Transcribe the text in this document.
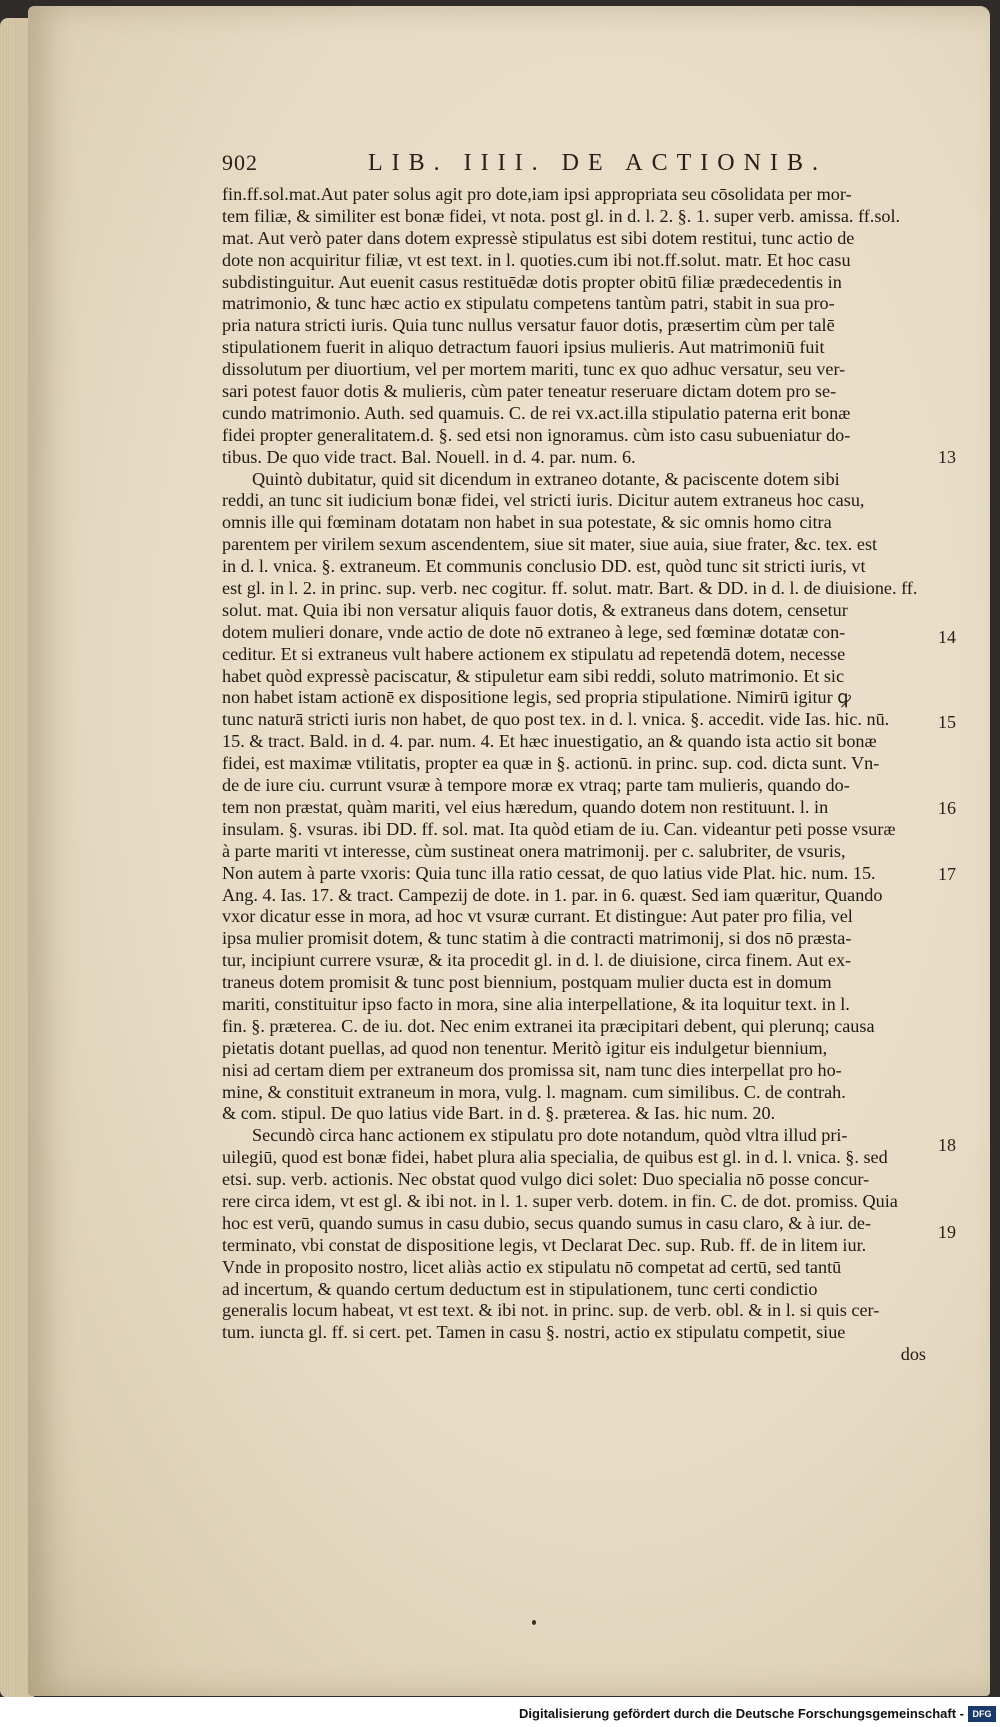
902	LIB. IIII. DE ACTIONIB.
fin.ff.sol.mat.Aut pater solus agit pro dote,iam ipsi appropriata seu cōsolidata per mor-
tem filiæ, & similiter est bonæ fidei, vt nota. post gl. in d. l. 2. §. 1. super verb. amissa. ff.sol.
mat. Aut verò pater dans dotem expressè stipulatus est sibi dotem restitui, tunc actio de
dote non acquiritur filiæ, vt est text. in l. quoties.cum ibi not.ff.solut. matr. Et hoc casu
subdistinguitur. Aut euenit casus restituēdæ dotis propter obitū filiæ prædecedentis in
matrimonio, & tunc hæc actio ex stipulatu competens tantùm patri, stabit in sua pro-
pria natura stricti iuris. Quia tunc nullus versatur fauor dotis, præsertim cùm per talē
stipulationem fuerit in aliquo detractum fauori ipsius mulieris. Aut matrimoniū fuit
dissolutum per diuortium, vel per mortem mariti, tunc ex quo adhuc versatur, seu ver-
sari potest fauor dotis & mulieris, cùm pater teneatur reseruare dictam dotem pro se-
cundo matrimonio. Auth. sed quamuis. C. de rei vx.act.illa stipulatio paterna erit bonæ
fidei propter generalitatem.d. §. sed etsi non ignoramus. cùm isto casu subueniatur do-
tibus. De quo vide tract. Bal. Nouell. in d. 4. par. num. 6.
Quintò dubitatur, quid sit dicendum in extraneo dotante, & paciscente dotem sibi
reddi, an tunc sit iudicium bonæ fidei, vel stricti iuris. Dicitur autem extraneus hoc casu,
omnis ille qui fœminam dotatam non habet in sua potestate, & sic omnis homo citra
parentem per virilem sexum ascendentem, siue sit mater, siue auia, siue frater, &c. tex. est
in d. l. vnica. §. extraneum. Et communis conclusio DD. est, quòd tunc sit stricti iuris, vt
est gl. in l. 2. in princ. sup. verb. nec cogitur. ff. solut. matr. Bart. & DD. in d. l. de diuisione. ff.
solut. mat. Quia ibi non versatur aliquis fauor dotis, & extraneus dans dotem, censetur
dotem mulieri donare, vnde actio de dote nō extraneo à lege, sed fœminæ dotatæ con-
ceditur. Et si extraneus vult habere actionem ex stipulatu ad repetendā dotem, necesse
habet quòd expressè paciscatur, & stipuletur eam sibi reddi, soluto matrimonio. Et sic
non habet istam actionē ex dispositione legis, sed propria stipulatione. Nimirū igitur ꝙ
tunc naturā stricti iuris non habet, de quo post tex. in d. l. vnica. §. accedit. vide Ias. hic. nū.
15. & tract. Bald. in d. 4. par. num. 4. Et hæc inuestigatio, an & quando ista actio sit bonæ
fidei, est maximæ vtilitatis, propter ea quæ in §. actionū. in princ. sup. cod. dicta sunt. Vn-
de de iure ciu. currunt vsuræ à tempore moræ ex vtraq; parte tam mulieris, quando do-
tem non præstat, quàm mariti, vel eius hæredum, quando dotem non restituunt. l. in
insulam. §. vsuras. ibi DD. ff. sol. mat. Ita quòd etiam de iu. Can. videantur peti posse vsuræ
à parte mariti vt interesse, cùm sustineat onera matrimonij. per c. salubriter, de vsuris,
Non autem à parte vxoris: Quia tunc illa ratio cessat, de quo latius vide Plat. hic. num. 15.
Ang. 4. Ias. 17. & tract. Campezij de dote. in 1. par. in 6. quæst. Sed iam quæritur, Quando
vxor dicatur esse in mora, ad hoc vt vsuræ currant. Et distingue: Aut pater pro filia, vel
ipsa mulier promisit dotem, & tunc statim à die contracti matrimonij, si dos nō præsta-
tur, incipiunt currere vsuræ, & ita procedit gl. in d. l. de diuisione, circa finem. Aut ex-
traneus dotem promisit & tunc post biennium, postquam mulier ducta est in domum
mariti, constituitur ipso facto in mora, sine alia interpellatione, & ita loquitur text. in l.
fin. §. præterea. C. de iu. dot. Nec enim extranei ita præcipitari debent, qui plerunq; causa
pietatis dotant puellas, ad quod non tenentur. Meritò igitur eis indulgetur biennium,
nisi ad certam diem per extraneum dos promissa sit, nam tunc dies interpellat pro ho-
mine, & constituit extraneum in mora, vulg. l. magnam. cum similibus. C. de contrah.
& com. stipul. De quo latius vide Bart. in d. §. præterea. & Ias. hic num. 20.
Secundò circa hanc actionem ex stipulatu pro dote notandum, quòd vltra illud pri-
uilegiū, quod est bonæ fidei, habet plura alia specialia, de quibus est gl. in d. l. vnica. §. sed
etsi. sup. verb. actionis. Nec obstat quod vulgo dici solet: Duo specialia nō posse concur-
rere circa idem, vt est gl. & ibi not. in l. 1. super verb. dotem. in fin. C. de dot. promiss. Quia
hoc est verū, quando sumus in casu dubio, secus quando sumus in casu claro, & à iur. de-
terminato, vbi constat de dispositione legis, vt Declarat Dec. sup. Rub. ff. de in litem iur.
Vnde in proposito nostro, licet aliàs actio ex stipulatu nō competat ad certū, sed tantū
ad incertum, & quando certum deductum est in stipulationem, tunc certi condictio
generalis locum habeat, vt est text. & ibi not. in princ. sup. de verb. obl. & in l. si quis cer-
tum. iuncta gl. ff. si cert. pet. Tamen in casu §. nostri, actio ex stipulatu competit, siue
dos
13
14
15
16
17
18
19
Digitalisierung gefördert durch die Deutsche Forschungsgemeinschaft - DFG
